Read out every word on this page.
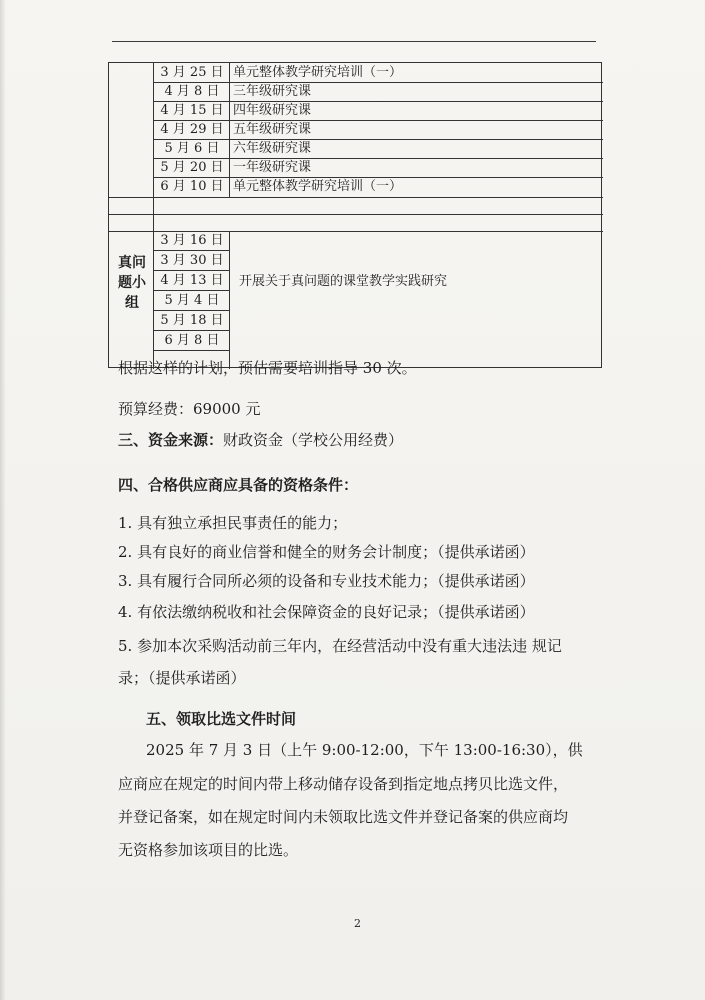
3 月 25 日 单元整体教学研究培训（一）
4 月 8 日	三年级研究课
4 月 15 日 四年级研究课
4 月 29 日 五年级研究课
5 月 6 日	六年级研究课
5 月 20 日 一年级研究课
6 月 10 日 单元整体教学研究培训（一）
真问题小组
3 月 16 日
3 月 30 日
4 月 13 日
5 月 4 日
5 月 18 日
6 月 8 日
开展关于真问题的课堂教学实践研究
根据这样的计划，预估需要培训指导 30 次。
预算经费：69000 元
三、资金来源：财政资金（学校公用经费）
四、合格供应商应具备的资格条件：
1. 具有独立承担民事责任的能力；
2. 具有良好的商业信誉和健全的财务会计制度；（提供承诺函）
3. 具有履行合同所必须的设备和专业技术能力；（提供承诺函）
4. 有依法缴纳税收和社会保障资金的良好记录；（提供承诺函）
5. 参加本次采购活动前三年内，在经营活动中没有重大违法违 规记
录；（提供承诺函）
五、领取比选文件时间
2025 年 7 月 3 日（上午 9:00-12:00，下午 13:00-16:30），供
应商应在规定的时间内带上移动储存设备到指定地点拷贝比选文件，
并登记备案，如在规定时间内未领取比选文件并登记备案的供应商均
无资格参加该项目的比选。
2
